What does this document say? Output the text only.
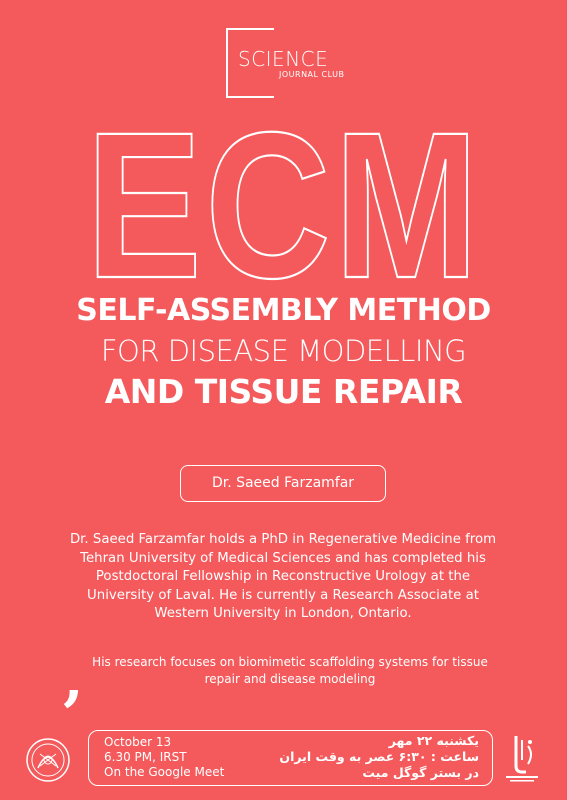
SCIENCE
JOURNAL CLUB
ECM
SELF-ASSEMBLY METHOD
FOR DISEASE MODELLING
AND TISSUE REPAIR
Dr. Saeed Farzamfar
Dr. Saeed Farzamfar holds a PhD in Regenerative Medicine from Tehran University of Medical Sciences and has completed his Postdoctoral Fellowship in Reconstructive Urology at the University of Laval. He is currently a Research Associate at Western University in London, Ontario.
‚ His research focuses on biomimetic scaffolding systems for tissue repair and disease modeling
October 13
6.30 PM, IRST
On the Google Meet
یکشنبه ۲۲ مهر
ساعت : ۶:۳۰ عصر به وقت ایران
در بستر گوگل میت
